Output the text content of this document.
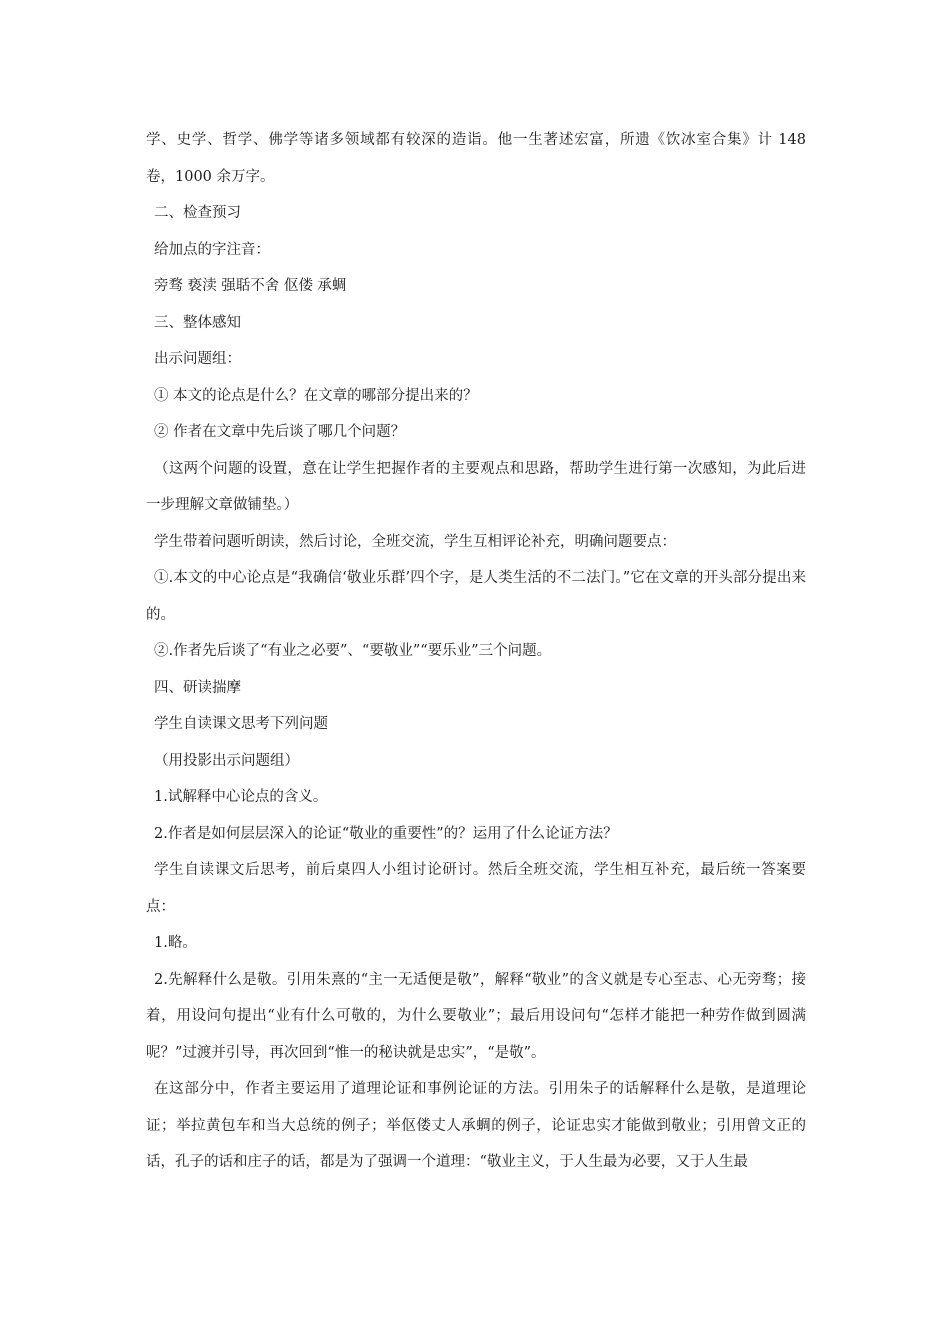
学、史学、哲学、佛学等诸多领域都有较深的造诣。他一生著述宏富，所遗《饮冰室合集》计 148 卷，1000 余万字。

二、检查预习

给加点的字注音：

旁骛 亵渎 强聒不舍 伛偻 承蜩

三、整体感知

出示问题组：

① 本文的论点是什么？在文章的哪部分提出来的？

② 作者在文章中先后谈了哪几个问题？

（这两个问题的设置，意在让学生把握作者的主要观点和思路，帮助学生进行第一次感知，为此后进一步理解文章做铺垫。）

学生带着问题听朗读，然后讨论，全班交流，学生互相评论补充，明确问题要点：

①.本文的中心论点是“我确信‘敬业乐群’四个字，是人类生活的不二法门。”它在文章的开头部分提出来的。

②.作者先后谈了“有业之必要”、“要敬业”“要乐业”三个问题。

四、研读揣摩

学生自读课文思考下列问题

（用投影出示问题组）

1.试解释中心论点的含义。

2.作者是如何层层深入的论证“敬业的重要性”的？运用了什么论证方法？

学生自读课文后思考，前后桌四人小组讨论研讨。然后全班交流，学生相互补充，最后统一答案要点：

1.略。

2.先解释什么是敬。引用朱熹的“主一无适便是敬”，解释“敬业”的含义就是专心至志、心无旁骛；接着，用设问句提出“业有什么可敬的，为什么要敬业”；最后用设问句“怎样才能把一种劳作做到圆满呢？”过渡并引导，再次回到“惟一的秘诀就是忠实”，“是敬”。

在这部分中，作者主要运用了道理论证和事例论证的方法。引用朱子的话解释什么是敬，是道理论证；举拉黄包车和当大总统的例子；举伛偻丈人承蜩的例子，论证忠实才能做到敬业；引用曾文正的话，孔子的话和庄子的话，都是为了强调一个道理：“敬业主义，于人生最为必要，又于人生最
